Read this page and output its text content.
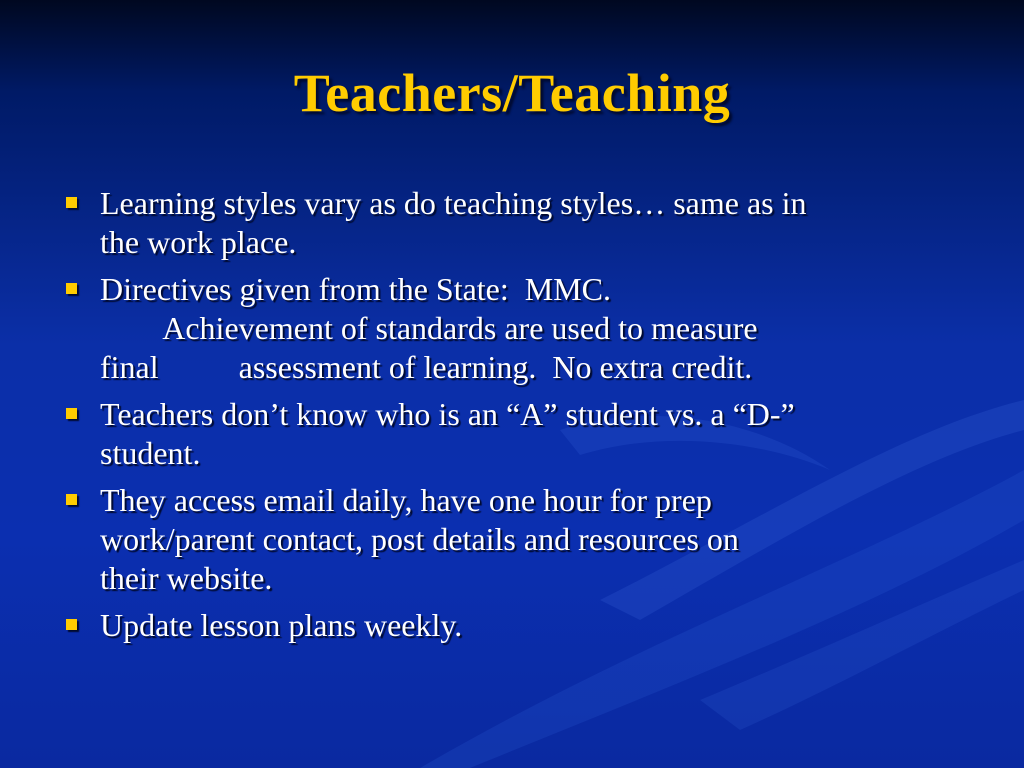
Teachers/Teaching
Learning styles vary as do teaching styles… same as in
the work place.
Directives given from the State:  MMC.
Achievement of standards are used to measure
final          assessment of learning.  No extra credit.
Teachers don’t know who is an “A” student vs. a “D-”
student.
They access email daily, have one hour for prep
work/parent contact, post details and resources on
their website.
Update lesson plans weekly.
